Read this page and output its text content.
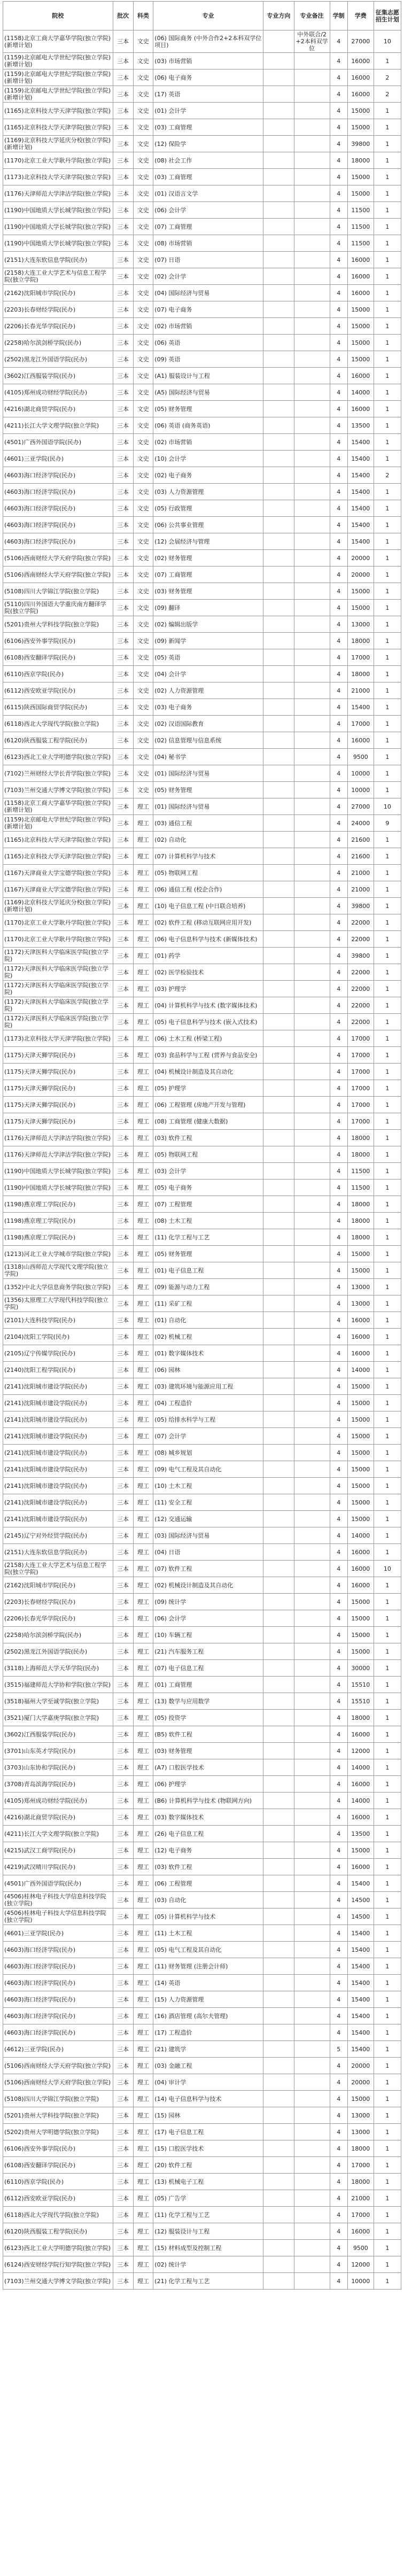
院校	批次	科类	专业	专业方向	专业备注	学制	学费	征集志愿招生计划
(1158)北京工商大学嘉华学院(独立学院)(新增计划)	三本	文史	(06) 国际商务 (中外合作2+2本科双学位项目)		中外联合/2+2本科双学位	4	27000	10
(1159)北京邮电大学世纪学院(独立学院)(新增计划)	三本	文史	(03) 市场营销			4	16000	1
(1159)北京邮电大学世纪学院(独立学院)(新增计划)	三本	文史	(06) 电子商务			4	16000	2
(1159)北京邮电大学世纪学院(独立学院)(新增计划)	三本	文史	(17) 英语			4	16000	2
(1165)北京科技大学天津学院(独立学院)	三本	文史	(01) 会计学			4	15000	1
(1165)北京科技大学天津学院(独立学院)	三本	文史	(03) 工商管理			4	15000	1
(1169)北京科技大学延庆分校(独立学院)(新增计划)	三本	文史	(12) 保险学			4	39800	1
(1170)北京工业大学耿丹学院(独立学院)	三本	文史	(08) 社会工作			4	18000	1
(1173)北京科技大学天津学院(独立学院)	三本	文史	(03) 工商管理			4	15000	1
(1176)天津师范大学津沽学院(独立学院)	三本	文史	(01) 汉语言文学			4	15000	1
(1190)中国地质大学长城学院(独立学院)	三本	文史	(06) 会计学			4	11500	1
(1190)中国地质大学长城学院(独立学院)	三本	文史	(07) 工商管理			4	11500	1
(1190)中国地质大学长城学院(独立学院)	三本	文史	(08) 市场营销			4	11500	1
(2151)大连东软信息学院(民办)	三本	文史	(07) 日语			4	16000	1
(2158)大连工业大学艺术与信息工程学院(独立学院)	三本	文史	(02) 会计学			4	16000	1
(2162)沈阳城市学院(民办)	三本	文史	(04) 国际经济与贸易			4	16000	1
(2203)长春财经学院(民办)	三本	文史	(07) 电子商务			4	15000	1
(2206)长春光华学院(民办)	三本	文史	(02) 市场营销			4	15000	1
(2258)哈尔滨剑桥学院(民办)	三本	文史	(06) 英语			4	15000	1
(2502)黑龙江外国语学院(民办)	三本	文史	(09) 英语			4	15000	1
(3602)江西服装学院(民办)	三本	文史	(A1) 服装设计与工程			4	16000	1
(4105)郑州成功财经学院(民办)	三本	文史	(A5) 国际经济与贸易			4	14000	1
(4216)湖北商贸学院(民办)	三本	文史	(05) 财务管理			4	16000	1
(4211)长江大学文理学院(独立学院)	三本	文史	(06) 英语 (商务英语)			4	13500	1
(4501)广西外国语学院(民办)	三本	文史	(02) 市场营销			4	15400	1
(4601)三亚学院(民办)	三本	文史	(10) 会计学			4	15400	1
(4603)海口经济学院(民办)	三本	文史	(02) 电子商务			4	15400	2
(4603)海口经济学院(民办)	三本	文史	(03) 人力资源管理			4	15400	1
(4603)海口经济学院(民办)	三本	文史	(05) 行政管理			4	15400	1
(4603)海口经济学院(民办)	三本	文史	(06) 公共事业管理			4	15400	1
(4603)海口经济学院(民办)	三本	文史	(12) 会展经济与管理			4	15400	1
(5106)西南财经大学天府学院(独立学院)	三本	文史	(02) 财务管理			4	20000	1
(5106)西南财经大学天府学院(独立学院)	三本	文史	(07) 工商管理			4	20000	1
(5108)四川大学锦江学院(独立学院)	三本	文史	(03) 财务管理			4	15000	1
(5110)四川外国语大学重庆南方翻译学院(独立学院)	三本	文史	(09) 翻译			4	15000	1
(5201)贵州大学科技学院(独立学院)	三本	文史	(02) 编辑出版学			4	13000	1
(6106)西安外事学院(民办)	三本	文史	(09) 新闻学			4	18000	1
(6108)西安翻译学院(民办)	三本	文史	(05) 英语			4	17000	1
(6110)西京学院(民办)	三本	文史	(04) 会计学			4	18000	1
(6112)西安欧亚学院(民办)	三本	文史	(02) 人力资源管理			4	21000	1
(6115)陕西国际商贸学院(民办)	三本	文史	(03) 电子商务			4	15400	1
(6118)西北大学现代学院(独立学院)	三本	文史	(02) 汉语国际教育			4	17000	1
(6120)陕西服装工程学院(民办)	三本	文史	(02) 信息管理与信息系统			4	16000	1
(6123)西北工业大学明德学院(独立学院)	三本	文史	(04) 秘书学			4	9500	1
(7102)兰州财经大学长青学院(独立学院)	三本	文史	(01) 国际经济与贸易			4	10000	1
(7103)兰州交通大学博文学院(独立学院)	三本	文史	(05) 财务管理			4	10000	1
(1158)北京工商大学嘉华学院(独立学院)(新增计划)	三本	理工	(01) 国际经济与贸易			4	27000	10
(1159)北京邮电大学世纪学院(独立学院)(新增计划)	三本	理工	(03) 通信工程			4	24000	9
(1165)北京科技大学天津学院(独立学院)	三本	理工	(02) 自动化			4	21600	1
(1165)北京科技大学天津学院(独立学院)	三本	理工	(07) 计算机科学与技术			4	21600	1
(1167)天津商业大学宝德学院(独立学院)	三本	理工	(05) 物联网工程			4	21000	1
(1167)天津商业大学宝德学院(独立学院)	三本	理工	(06) 通信工程 (校企合作)			4	21000	1
(1169)北京科技大学延庆分校(独立学院)(新增计划)	三本	理工	(10) 电子信息工程 (中日联合培养)			4	39800	1
(1170)北京工业大学耿丹学院(独立学院)	三本	理工	(02) 软件工程 (移动互联网应用开发)			4	22000	1
(1170)北京工业大学耿丹学院(独立学院)	三本	理工	(06) 电子信息科学与技术 (新媒体技术)			4	22000	1
(1172)天津医科大学临床医学院(独立学院)	三本	理工	(01) 药学			4	39800	1
(1172)天津医科大学临床医学院(独立学院)	三本	理工	(02) 医学检验技术			4	22000	1
(1172)天津医科大学临床医学院(独立学院)	三本	理工	(03) 护理学			4	22000	1
(1172)天津医科大学临床医学院(独立学院)	三本	理工	(04) 计算机科学与技术 (数字媒体技术)			4	22000	1
(1172)天津医科大学临床医学院(独立学院)	三本	理工	(05) 电子信息科学与技术 (嵌入式技术)			4	22000	1
(1173)北京科技大学天津学院(独立学院)	三本	理工	(06) 土木工程 (桥梁工程)			4	17000	1
(1175)天津天狮学院(民办)	三本	理工	(03) 食品科学与工程 (营养与食品安全)			4	17000	1
(1175)天津天狮学院(民办)	三本	理工	(04) 机械设计制造及其自动化			4	17000	1
(1175)天津天狮学院(民办)	三本	理工	(05) 护理学			4	17000	1
(1175)天津天狮学院(民办)	三本	理工	(06) 工程管理 (房地产开发与管理)			4	17000	1
(1175)天津天狮学院(民办)	三本	理工	(08) 工商管理 (健康大数据)			4	17000	1
(1176)天津师范大学津沽学院(独立学院)	三本	理工	(03) 软件工程			4	18000	1
(1176)天津师范大学津沽学院(独立学院)	三本	理工	(05) 物联网工程			4	18000	1
(1190)中国地质大学长城学院(独立学院)	三本	理工	(03) 会计学			4	11500	1
(1190)中国地质大学长城学院(独立学院)	三本	理工	(05) 电子商务			4	11500	1
(1198)燕京理工学院(民办)	三本	理工	(07) 工程管理			4	18000	1
(1198)燕京理工学院(民办)	三本	理工	(08) 土木工程			4	18000	1
(1198)燕京理工学院(民办)	三本	理工	(11) 化学工程与工艺			4	18000	1
(1213)河北工业大学城市学院(独立学院)	三本	理工	(05) 财务管理			4	15000	1
(1318)山西师范大学现代文理学院(独立学院)	三本	理工	(01) 电子信息工程			4	15000	1
(1352)中北大学信息商务学院(独立学院)	三本	理工	(09) 能源与动力工程			4	13000	1
(1356)太原理工大学现代科技学院(独立学院)	三本	理工	(11) 采矿工程			4	13000	1
(2101)大连科技学院(民办)	三本	理工	(01) 自动化			4	16000	1
(2104)沈阳工学院(民办)	三本	理工	(02) 机械工程			4	16000	1
(2105)辽宁传媒学院(民办)	三本	理工	(01) 数字媒体技术			4	16000	1
(2140)沈阳工程学院(民办)	三本	理工	(06) 园林			4	14000	1
(2141)沈阳城市建设学院(民办)	三本	理工	(03) 建筑环境与能源应用工程			4	15000	1
(2141)沈阳城市建设学院(民办)	三本	理工	(04) 工程造价			4	15000	1
(2141)沈阳城市建设学院(民办)	三本	理工	(05) 给排水科学与工程			4	15000	1
(2141)沈阳城市建设学院(民办)	三本	理工	(07) 会计学			4	15000	1
(2141)沈阳城市建设学院(民办)	三本	理工	(08) 城乡规划			4	15000	1
(2141)沈阳城市建设学院(民办)	三本	理工	(09) 电气工程及其自动化			4	15000	1
(2141)沈阳城市建设学院(民办)	三本	理工	(10) 土木工程			4	15000	1
(2141)沈阳城市建设学院(民办)	三本	理工	(11) 安全工程			4	15000	1
(2141)沈阳城市建设学院(民办)	三本	理工	(12) 交通运输			4	15000	1
(2145)辽宁对外经贸学院(民办)	三本	理工	(03) 国际经济与贸易			4	14000	1
(2151)大连东软信息学院(民办)	三本	理工	(04) 日语			4	16000	1
(2158)大连工业大学艺术与信息工程学院(独立学院)	三本	理工	(07) 软件工程			4	16000	10
(2162)沈阳城市学院(民办)	三本	理工	(02) 机械设计制造及其自动化			4	16000	1
(2203)长春财经学院(民办)	三本	理工	(09) 统计学			4	15000	1
(2206)长春光华学院(民办)	三本	理工	(06) 会计学			4	15000	1
(2258)哈尔滨剑桥学院(民办)	三本	理工	(10) 车辆工程			4	15000	1
(2502)黑龙江外国语学院(民办)	三本	理工	(21) 汽车服务工程			4	15000	1
(3118)上海师范大学天华学院(民办)	三本	理工	(07) 电子信息工程			4	30000	1
(3515)福建师范大学协和学院(独立学院)	三本	理工	(01) 工商管理			4	15510	1
(3518)福州大学至诚学院(独立学院)	三本	理工	(13) 数学与应用数学			4	15510	1
(3521)厦门大学嘉庚学院(独立学院)	三本	理工	(05) 投资学			4	18000	1
(3602)江西服装学院(民办)	三本	理工	(B5) 软件工程			4	16000	1
(3701)山东英才学院(民办)	三本	理工	(03) 财务管理			4	12000	1
(3703)山东协和学院(民办)	三本	理工	(A7) 口腔医学技术			4	14000	1
(3708)青岛滨海学院(民办)	三本	理工	(06) 护理学			4	16000	1
(4105)郑州成功财经学院(民办)	三本	理工	(B6) 计算机科学与技术 (物联网方向)			4	14000	1
(4216)湖北商贸学院(民办)	三本	理工	(03) 数字媒体技术			4	16000	1
(4211)长江大学文理学院(独立学院)	三本	理工	(26) 电子信息工程			4	13500	1
(4215)武汉工商学院(民办)	三本	理工	(12) 电子商务			4	15000	1
(4219)武汉晴川学院(民办)	三本	理工	(03) 软件工程			4	16000	1
(4501)广西外国语学院(民办)	三本	理工	(06) 工程管理			4	15400	1
(4506)桂林电子科技大学信息科技学院(独立学院)	三本	理工	(03) 自动化			4	14500	1
(4506)桂林电子科技大学信息科技学院(独立学院)	三本	理工	(05) 计算机科学与技术			4	14500	1
(4601)三亚学院(民办)	三本	理工	(11) 土木工程			4	15400	1
(4603)海口经济学院(民办)	三本	理工	(05) 电气工程及其自动化			4	15400	1
(4603)海口经济学院(民办)	三本	理工	(11) 财务管理 (注册会计师)			4	15400	1
(4603)海口经济学院(民办)	三本	理工	(14) 英语			4	15400	1
(4603)海口经济学院(民办)	三本	理工	(15) 人力资源管理			4	15400	1
(4603)海口经济学院(民办)	三本	理工	(16) 酒店管理 (高尔夫管理)			4	15400	1
(4603)海口经济学院(民办)	三本	理工	(17) 工程造价			4	15400	1
(4612)三亚学院(民办)	三本	理工	(21) 建筑学			5	15400	1
(5106)西南财经大学天府学院(独立学院)	三本	理工	(03) 金融工程			4	20000	1
(5106)西南财经大学天府学院(独立学院)	三本	理工	(04) 审计学			4	20000	1
(5108)四川大学锦江学院(独立学院)	三本	理工	(14) 电子信息科学与技术			4	15000	1
(5201)贵州大学科技学院(独立学院)	三本	理工	(15) 园林			4	13000	1
(5202)贵州大学明德学院(独立学院)	三本	理工	(17) 电子信息工程			4	13000	1
(6106)西安外事学院(民办)	三本	理工	(15) 口腔医学技术			4	18000	1
(6108)西安翻译学院(民办)	三本	理工	(20) 软件工程			4	17000	1
(6110)西京学院(民办)	三本	理工	(13) 机械电子工程			4	18000	1
(6112)西安欧亚学院(民办)	三本	理工	(05) 广告学			4	21000	1
(6118)西北大学现代学院(独立学院)	三本	理工	(11) 化学工程与工艺			4	17000	1
(6120)陕西服装工程学院(民办)	三本	理工	(12) 服装设计与工程			4	16000	1
(6123)西北工业大学明德学院(独立学院)	三本	理工	(15) 材料成型及控制工程			4	9500	1
(6124)西安财经学院行知学院(独立学院)	三本	理工	(02) 统计学			4	12000	1
(7103)兰州交通大学博文学院(独立学院)	三本	理工	(21) 化学工程与工艺			4	10000	1
